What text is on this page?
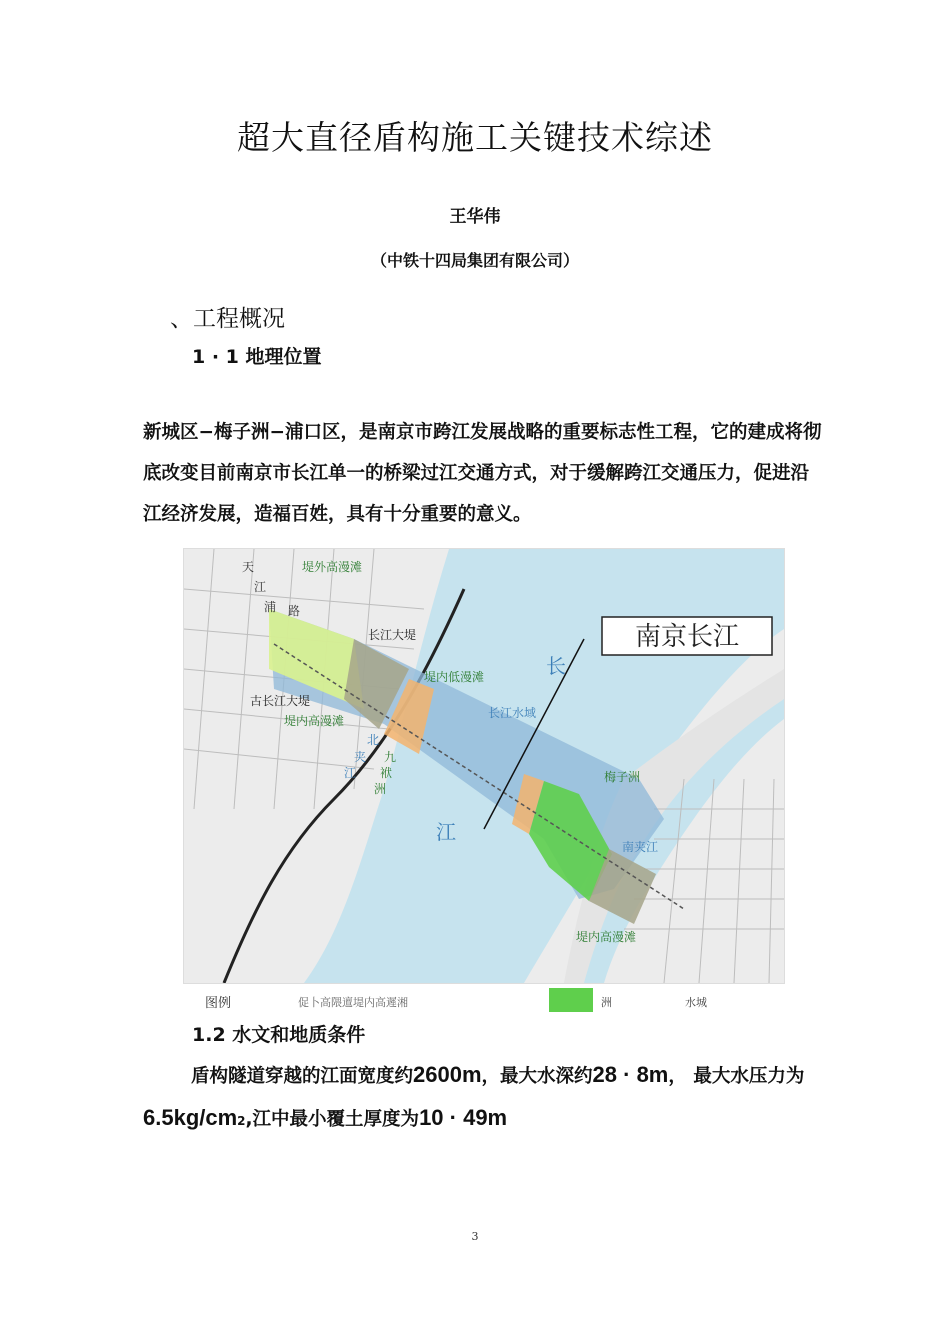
超大直径盾构施工关键技术综述
王华伟
（中铁十四局集团有限公司）
、工程概况
1 · 1 地理位置
新城区−梅子洲−浦口区，是南京市跨江发展战略的重要标志性工程，它的建成将彻底改变目前南京市长江单一的桥梁过江交通方式，对于缓解跨江交通压力，促进沿江经济发展，造福百姓，具有十分重要的意义。
南京长江
天
江
浦 路
堤外高漫滩
长江大堤
古长江大堤
堤内低漫滩
堤内高漫滩
长
长江水域
北
夹
江
九
袱
洲
江
梅子洲
南夹江
堤内高漫滩
图例	促卜高隈邅堤内高遲湘	洲	水城
1.2 水文和地质条件
盾构隧道穿越的江面宽度约2600m，最大水深约28 · 8m， 最大水压力为6.5kg/cm2,江中最小覆土厚度为10 · 49m
3
